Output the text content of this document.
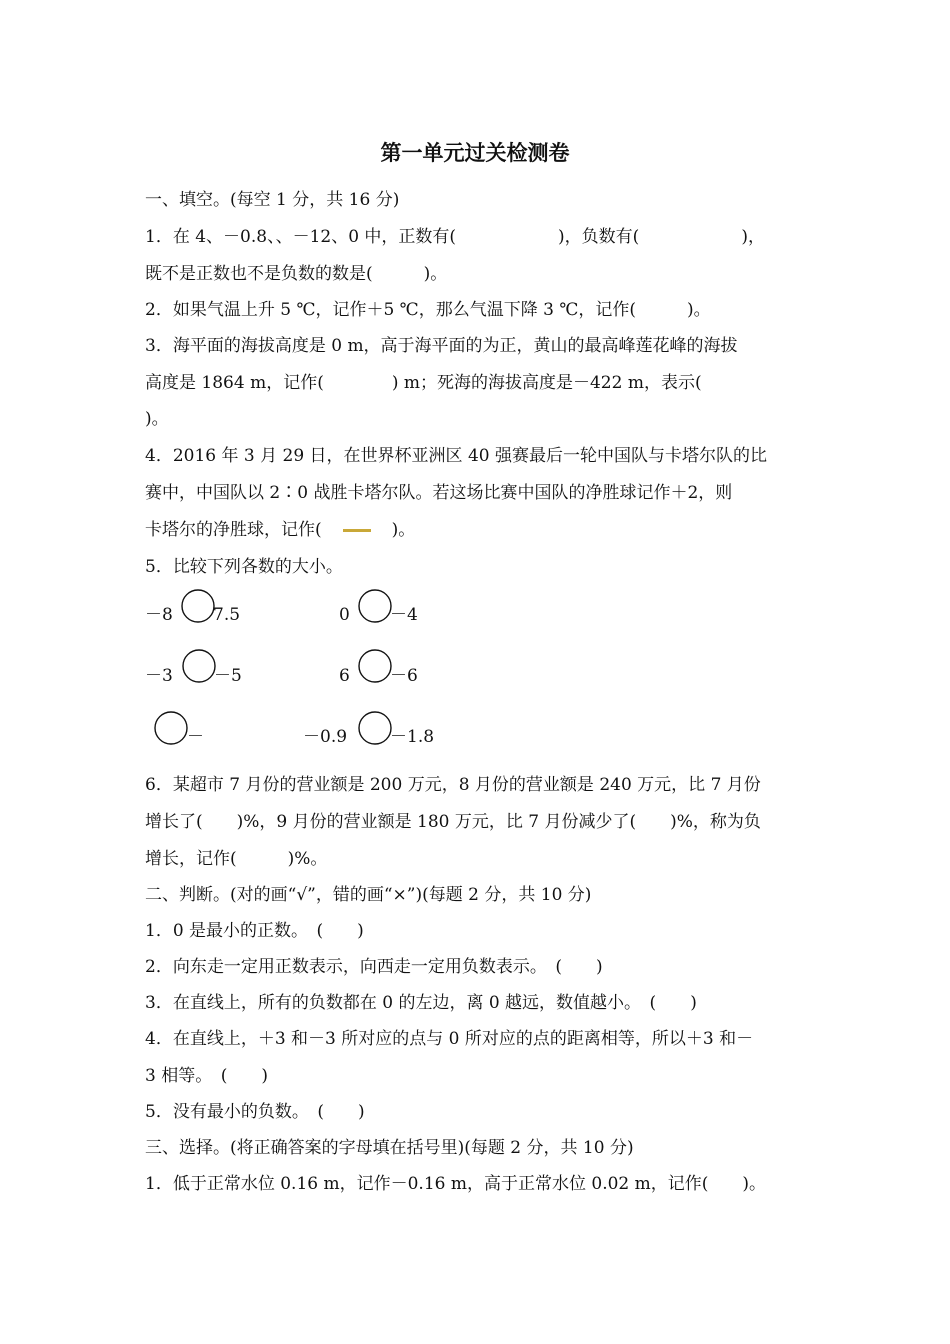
第一单元过关检测卷
一、填空。(每空 1 分，共 16 分)
1．在 4、－0.8、、－12、0 中，正数有(　　　　　　)，负数有(　　　　　　)，
既不是正数也不是负数的数是(　　　)。
2．如果气温上升 5 ℃，记作＋5 ℃，那么气温下降 3 ℃，记作(　　　)。
3．海平面的海拔高度是 0 m，高于海平面的为正，黄山的最高峰莲花峰的海拔
高度是 1864 m，记作(　　　　) m；死海的海拔高度是－422 m，表示(
)。
4．2016 年 3 月 29 日，在世界杯亚洲区 40 强赛最后一轮中国队与卡塔尔队的比
赛中，中国队以 2∶0 战胜卡塔尔队。若这场比赛中国队的净胜球记作＋2，则
卡塔尔的净胜球，记作(　　)。
5．比较下列各数的大小。
－8 7.5	0 －4
－3 －5	6 －6
－	－0.9	－1.8
6．某超市 7 月份的营业额是 200 万元，8 月份的营业额是 240 万元，比 7 月份
增长了(　　)%，9 月份的营业额是 180 万元，比 7 月份减少了(　　)%，称为负
增长，记作(　　　)%。
二、判断。(对的画“√”，错的画“×”)(每题 2 分，共 10 分)
1．0 是最小的正数。　(　　)
2．向东走一定用正数表示，向西走一定用负数表示。　(　　)
3．在直线上，所有的负数都在 0 的左边，离 0 越远，数值越小。　(　　)
4．在直线上，＋3 和－3 所对应的点与 0 所对应的点的距离相等，所以＋3 和－
3 相等。　(　　)
5．没有最小的负数。　(　　)
三、选择。(将正确答案的字母填在括号里)(每题 2 分，共 10 分)
1．低于正常水位 0.16 m，记作－0.16 m，高于正常水位 0.02 m，记作(　　)。
